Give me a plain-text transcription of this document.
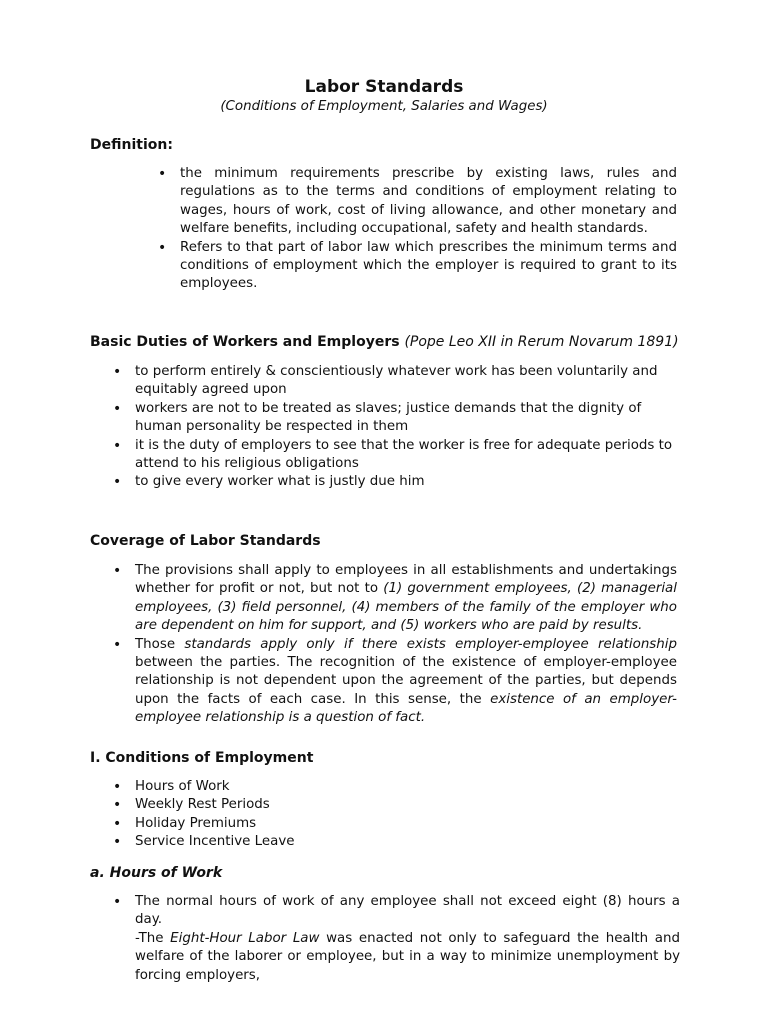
Labor Standards
(Conditions of Employment, Salaries and Wages)
Definition:
• the minimum requirements prescribe by existing laws, rules and regulations as to the terms and conditions of employment relating to wages, hours of work, cost of living allowance, and other monetary and welfare benefits, including occupational, safety and health standards.
• Refers to that part of labor law which prescribes the minimum terms and conditions of employment which the employer is required to grant to its employees.
Basic Duties of Workers and Employers (Pope Leo XII in Rerum Novarum 1891)
• to perform entirely & conscientiously whatever work has been voluntarily and equitably agreed upon
• workers are not to be treated as slaves; justice demands that the dignity of human personality be respected in them
• it is the duty of employers to see that the worker is free for adequate periods to attend to his religious obligations
• to give every worker what is justly due him
Coverage of Labor Standards
• The provisions shall apply to employees in all establishments and undertakings whether for profit or not, but not to (1) government employees, (2) managerial employees, (3) field personnel, (4) members of the family of the employer who are dependent on him for support, and (5) workers who are paid by results.
• Those standards apply only if there exists employer-employee relationship between the parties. The recognition of the existence of employer-employee relationship is not dependent upon the agreement of the parties, but depends upon the facts of each case. In this sense, the existence of an employer-employee relationship is a question of fact.
I. Conditions of Employment
• Hours of Work
• Weekly Rest Periods
• Holiday Premiums
• Service Incentive Leave
a. Hours of Work
• The normal hours of work of any employee shall not exceed eight (8) hours a day.
-The Eight-Hour Labor Law was enacted not only to safeguard the health and welfare of the laborer or employee, but in a way to minimize unemployment by forcing employers,
